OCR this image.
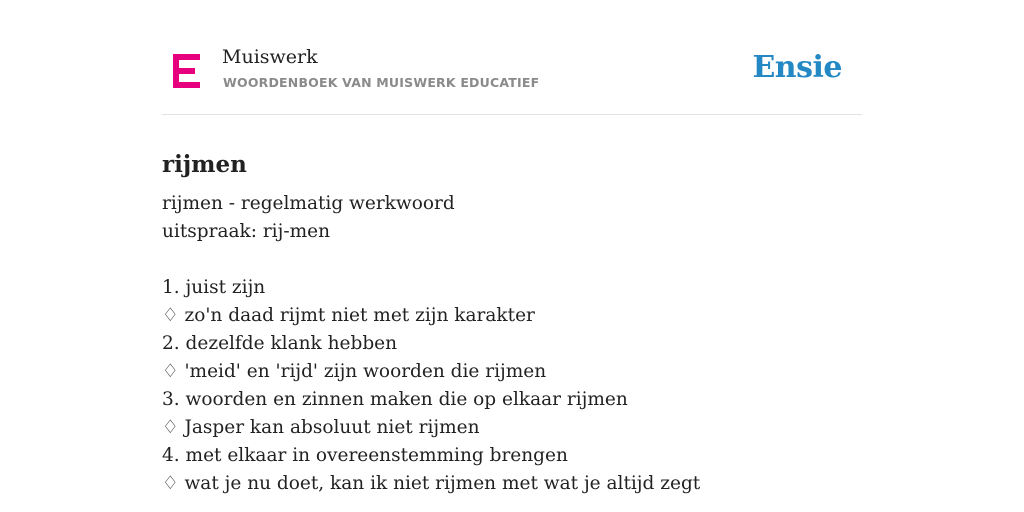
Muiswerk
WOORDENBOEK VAN MUISWERK EDUCATIEF	Ensie
rijmen
rijmen - regelmatig werkwoord
uitspraak: rij-men
1. juist zijn
♢ zo'n daad rijmt niet met zijn karakter
2. dezelfde klank hebben
♢ 'meid' en 'rijd' zijn woorden die rijmen
3. woorden en zinnen maken die op elkaar rijmen
♢ Jasper kan absoluut niet rijmen
4. met elkaar in overeenstemming brengen
♢ wat je nu doet, kan ik niet rijmen met wat je altijd zegt
